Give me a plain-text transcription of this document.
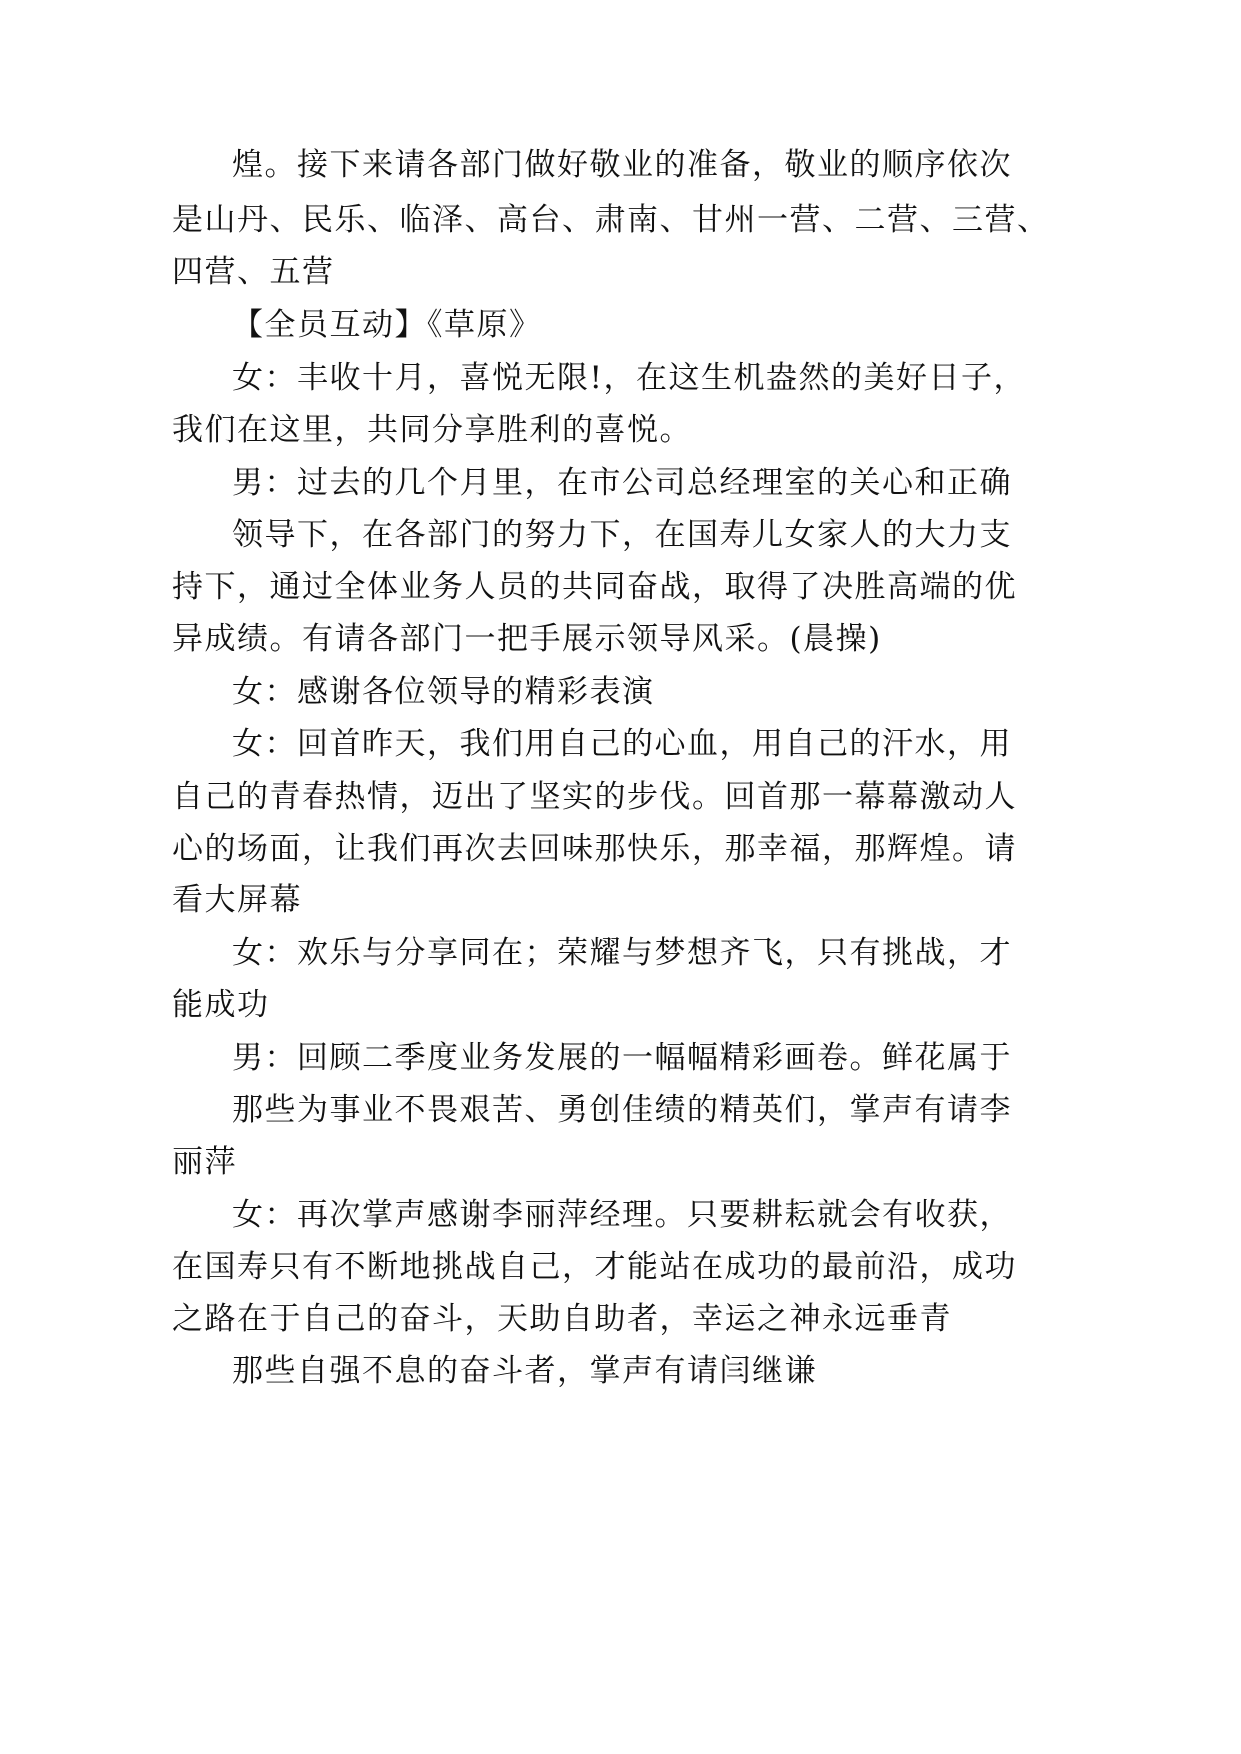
煌。接下来请各部门做好敬业的准备，敬业的顺序依次
是山丹、民乐、临泽、高台、肃南、甘州一营、二营、三营、
四营、五营
【全员互动】《草原》
女：丰收十月，喜悦无限!，在这生机盎然的美好日子，
我们在这里，共同分享胜利的喜悦。
男：过去的几个月里，在市公司总经理室的关心和正确
领导下，在各部门的努力下，在国寿儿女家人的大力支
持下，通过全体业务人员的共同奋战，取得了决胜高端的优
异成绩。有请各部门一把手展示领导风采。(晨操)
女：感谢各位领导的精彩表演
女：回首昨天，我们用自己的心血，用自己的汗水，用
自己的青春热情，迈出了坚实的步伐。回首那一幕幕激动人
心的场面，让我们再次去回味那快乐，那幸福，那辉煌。请
看大屏幕
女：欢乐与分享同在；荣耀与梦想齐飞，只有挑战，才
能成功
男：回顾二季度业务发展的一幅幅精彩画卷。鲜花属于
那些为事业不畏艰苦、勇创佳绩的精英们，掌声有请李
丽萍
女：再次掌声感谢李丽萍经理。只要耕耘就会有收获，
在国寿只有不断地挑战自己，才能站在成功的最前沿，成功
之路在于自己的奋斗，天助自助者，幸运之神永远垂青
那些自强不息的奋斗者，掌声有请闫继谦
